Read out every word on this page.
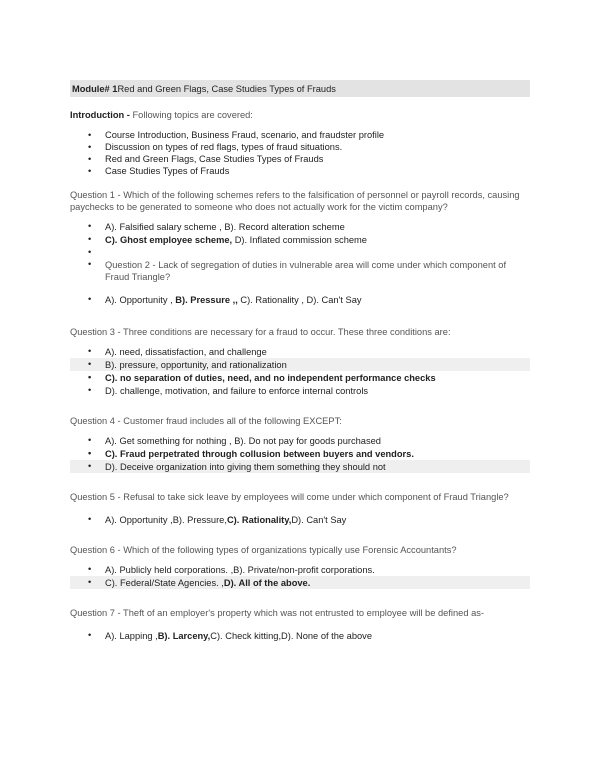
Module# 1Red and Green Flags, Case Studies Types of Frauds

Introduction - Following topics are covered:

• Course Introduction, Business Fraud, scenario, and fraudster profile
• Discussion on types of red flags, types of fraud situations.
• Red and Green Flags, Case Studies Types of Frauds
• Case Studies Types of Frauds

Question 1 - Which of the following schemes refers to the falsification of personnel or payroll records, causing paychecks to be generated to someone who does not actually work for the victim company?

• A). Falsified salary scheme , B). Record alteration scheme
• C). Ghost employee scheme, D). Inflated commission scheme
•
• Question 2 - Lack of segregation of duties in vulnerable area will come under which component of Fraud Triangle?
• A). Opportunity , B). Pressure ,, C). Rationality , D). Can't Say

Question 3 - Three conditions are necessary for a fraud to occur. These three conditions are:

• A). need, dissatisfaction, and challenge
• B). pressure, opportunity, and rationalization
• C). no separation of duties, need, and no independent performance checks
• D). challenge, motivation, and failure to enforce internal controls

Question 4 - Customer fraud includes all of the following EXCEPT:

• A). Get something for nothing , B). Do not pay for goods purchased
• C). Fraud perpetrated through collusion between buyers and vendors.
• D). Deceive organization into giving them something they should not

Question 5 - Refusal to take sick leave by employees will come under which component of Fraud Triangle?

• A). Opportunity ,B). Pressure,C). Rationality,D). Can't Say

Question 6 - Which of the following types of organizations typically use Forensic Accountants?

• A). Publicly held corporations. ,B). Private/non-profit corporations.
• C). Federal/State Agencies. ,D). All of the above.

Question 7 - Theft of an employer's property which was not entrusted to employee will be defined as-

• A). Lapping ,B). Larceny,C). Check kitting,D). None of the above
